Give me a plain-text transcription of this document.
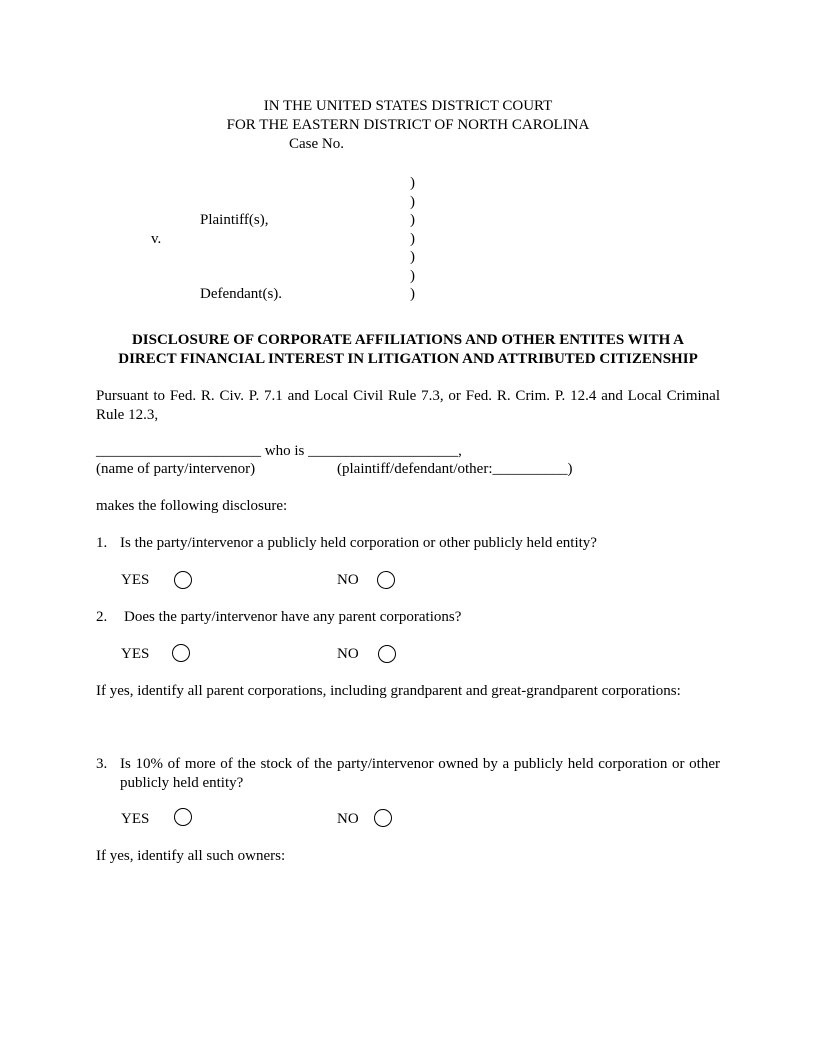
IN THE UNITED STATES DISTRICT COURT
FOR THE EASTERN DISTRICT OF NORTH CAROLINA
Case No.
)
)
)
)
)
)
)
Plaintiff(s),
v.
Defendant(s).
DISCLOSURE OF CORPORATE AFFILIATIONS AND OTHER ENTITES WITH A
DIRECT FINANCIAL INTEREST IN LITIGATION AND ATTRIBUTED CITIZENSHIP
Pursuant to Fed. R. Civ. P. 7.1 and Local Civil Rule 7.3, or Fed. R. Crim. P. 12.4 and Local Criminal Rule 12.3,
______________________ who is ____________________,
(name of party/intervenor)	(plaintiff/defendant/other:__________)
makes the following disclosure:
1. Is the party/intervenor a publicly held corporation or other publicly held entity?
YES	NO
2. Does the party/intervenor have any parent corporations?
YES	NO
If yes, identify all parent corporations, including grandparent and great-grandparent corporations:
3. Is 10% of more of the stock of the party/intervenor owned by a publicly held corporation or other publicly held entity?
YES	NO
If yes, identify all such owners:
